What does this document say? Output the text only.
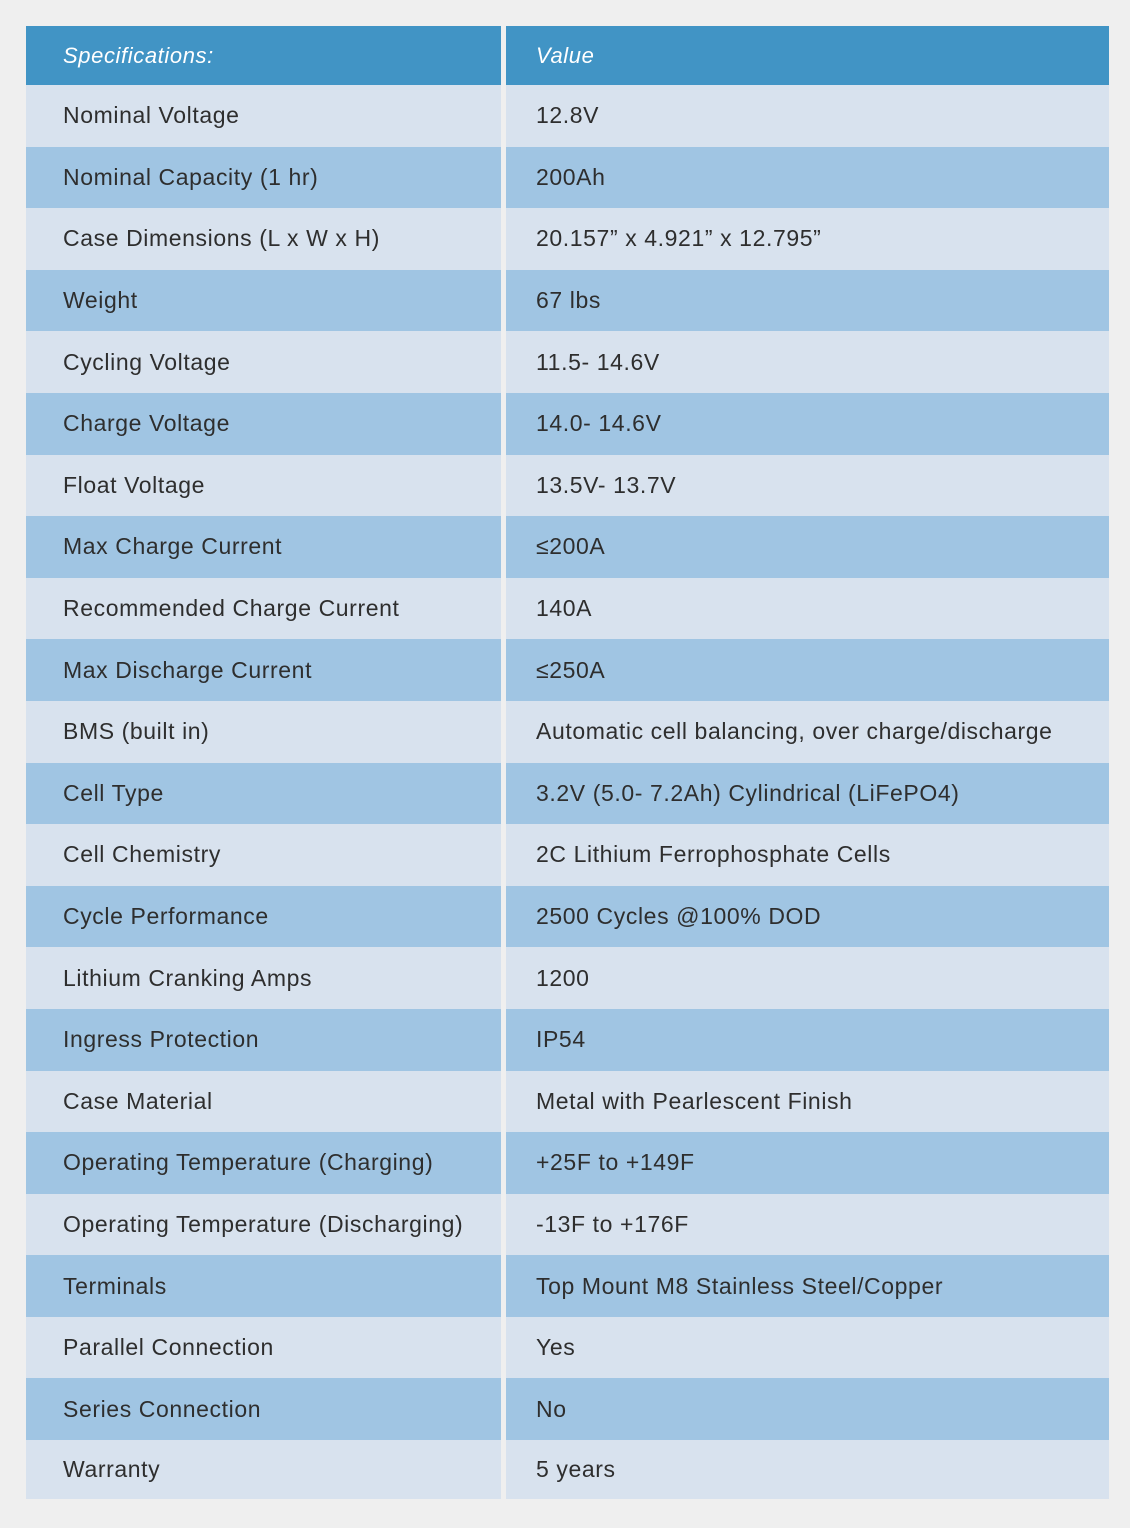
Specifications:	Value
Nominal Voltage	12.8V
Nominal Capacity (1 hr)	200Ah
Case Dimensions (L x W x H)	20.157” x 4.921” x 12.795”
Weight	67 lbs
Cycling Voltage	11.5- 14.6V
Charge Voltage	14.0- 14.6V
Float Voltage	13.5V- 13.7V
Max Charge Current	≤200A
Recommended Charge Current	140A
Max Discharge Current	≤250A
BMS (built in)	Automatic cell balancing, over charge/discharge
Cell Type	3.2V (5.0- 7.2Ah) Cylindrical (LiFePO4)
Cell Chemistry	2C Lithium Ferrophosphate Cells
Cycle Performance	2500 Cycles @100% DOD
Lithium Cranking Amps	1200
Ingress Protection	IP54
Case Material	Metal with Pearlescent Finish
Operating Temperature (Charging)	+25F to +149F
Operating Temperature (Discharging)	-13F to +176F
Terminals	Top Mount M8 Stainless Steel/Copper
Parallel Connection	Yes
Series Connection	No
Warranty	5 years
